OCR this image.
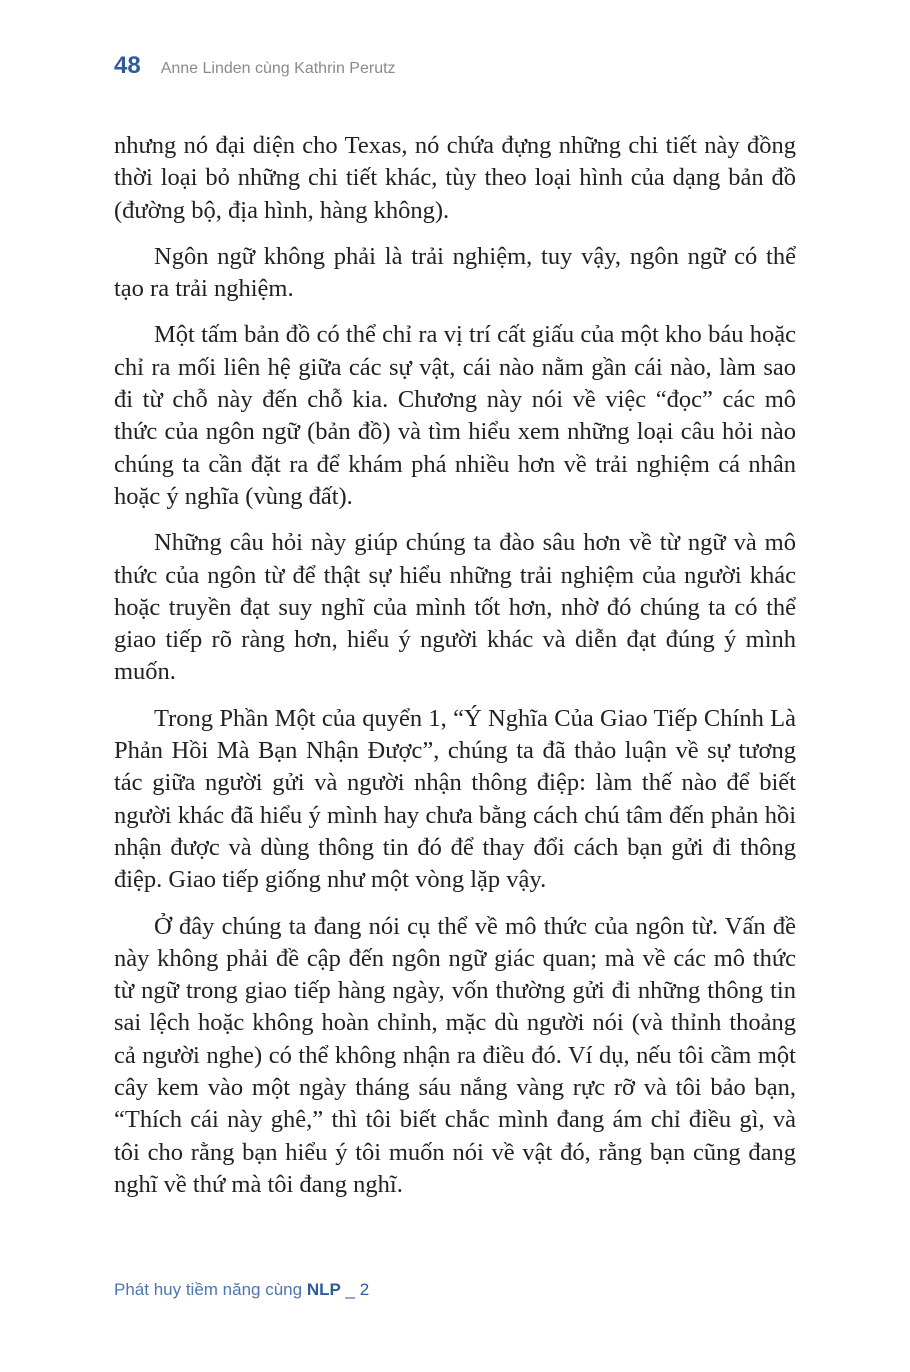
48 Anne Linden cùng Kathrin Perutz

nhưng nó đại diện cho Texas, nó chứa đựng những chi tiết này đồng thời loại bỏ những chi tiết khác, tùy theo loại hình của dạng bản đồ (đường bộ, địa hình, hàng không).

Ngôn ngữ không phải là trải nghiệm, tuy vậy, ngôn ngữ có thể tạo ra trải nghiệm.

Một tấm bản đồ có thể chỉ ra vị trí cất giấu của một kho báu hoặc chỉ ra mối liên hệ giữa các sự vật, cái nào nằm gần cái nào, làm sao đi từ chỗ này đến chỗ kia. Chương này nói về việc “đọc” các mô thức của ngôn ngữ (bản đồ) và tìm hiểu xem những loại câu hỏi nào chúng ta cần đặt ra để khám phá nhiều hơn về trải nghiệm cá nhân hoặc ý nghĩa (vùng đất).

Những câu hỏi này giúp chúng ta đào sâu hơn về từ ngữ và mô thức của ngôn từ để thật sự hiểu những trải nghiệm của người khác hoặc truyền đạt suy nghĩ của mình tốt hơn, nhờ đó chúng ta có thể giao tiếp rõ ràng hơn, hiểu ý người khác và diễn đạt đúng ý mình muốn.

Trong Phần Một của quyển 1, “Ý Nghĩa Của Giao Tiếp Chính Là Phản Hồi Mà Bạn Nhận Được”, chúng ta đã thảo luận về sự tương tác giữa người gửi và người nhận thông điệp: làm thế nào để biết người khác đã hiểu ý mình hay chưa bằng cách chú tâm đến phản hồi nhận được và dùng thông tin đó để thay đổi cách bạn gửi đi thông điệp. Giao tiếp giống như một vòng lặp vậy.

Ở đây chúng ta đang nói cụ thể về mô thức của ngôn từ. Vấn đề này không phải đề cập đến ngôn ngữ giác quan; mà về các mô thức từ ngữ trong giao tiếp hàng ngày, vốn thường gửi đi những thông tin sai lệch hoặc không hoàn chỉnh, mặc dù người nói (và thỉnh thoảng cả người nghe) có thể không nhận ra điều đó. Ví dụ, nếu tôi cầm một cây kem vào một ngày tháng sáu nắng vàng rực rỡ và tôi bảo bạn, “Thích cái này ghê,” thì tôi biết chắc mình đang ám chỉ điều gì, và tôi cho rằng bạn hiểu ý tôi muốn nói về vật đó, rằng bạn cũng đang nghĩ về thứ mà tôi đang nghĩ.

Phát huy tiềm năng cùng NLP _ 2
